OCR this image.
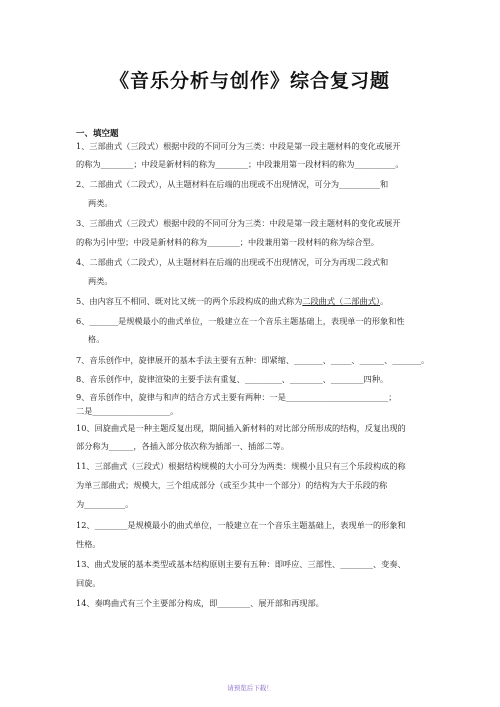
《音乐分析与创作》综合复习题
一、填空题
1、三部曲式（三段式）根据中段的不同可分为三类：中段是第一段主题材料的变化或展开
的称为________；中段是新材料的称为________；中段兼用第一段材料的称为__________。
2、二部曲式（二段式），从主题材料在后端的出现或不出现情况，可分为__________和
两类。
3、三部曲式（三段式）根据中段的不同可分为三类：中段是第一段主题材料的变化或展开
的称为引中型；中段是新材料的称为________；中段兼用第一段材料的称为综合型。
4、二部曲式（二段式），从主题材料在后端的出现或不出现情况，可分为再现二段式和
两类。
5、由内容互不相同、既对比又统一的两个乐段构成的曲式称为二段曲式（二部曲式）。
6、_______是规模最小的曲式单位，一般建立在一个音乐主题基础上，表现单一的形象和性
格。
7、音乐创作中，旋律展开的基本手法主要有五种：即紧缩、_______、_____、______、_______。
8、音乐创作中，旋律渲染的主要手法有重复、_________、________、________四种。
9、音乐创作中，旋律与和声的结合方式主要有两种：一是_________________________；
二是___________________。
10、回旋曲式是一种主题反复出现，期间插入新材料的对比部分所形成的结构，反复出现的
部分称为______，各插入部分依次称为插部一、插部二等。
11、三部曲式（三段式）根据结构规模的大小可分为两类：规模小且只有三个乐段构成的称
为单三部曲式；规模大，三个组成部分（或至少其中一个部分）的结构为大于乐段的称
为__________。
12、________是规模最小的曲式单位，一般建立在一个音乐主题基础上，表现单一的形象和
性格。
13、曲式发展的基本类型或基本结构原则主要有五种：即呼应、三部性、________、变奏、
回旋。
14、奏鸣曲式有三个主要部分构成，即________、展开部和再现部。
请预览后下载！
